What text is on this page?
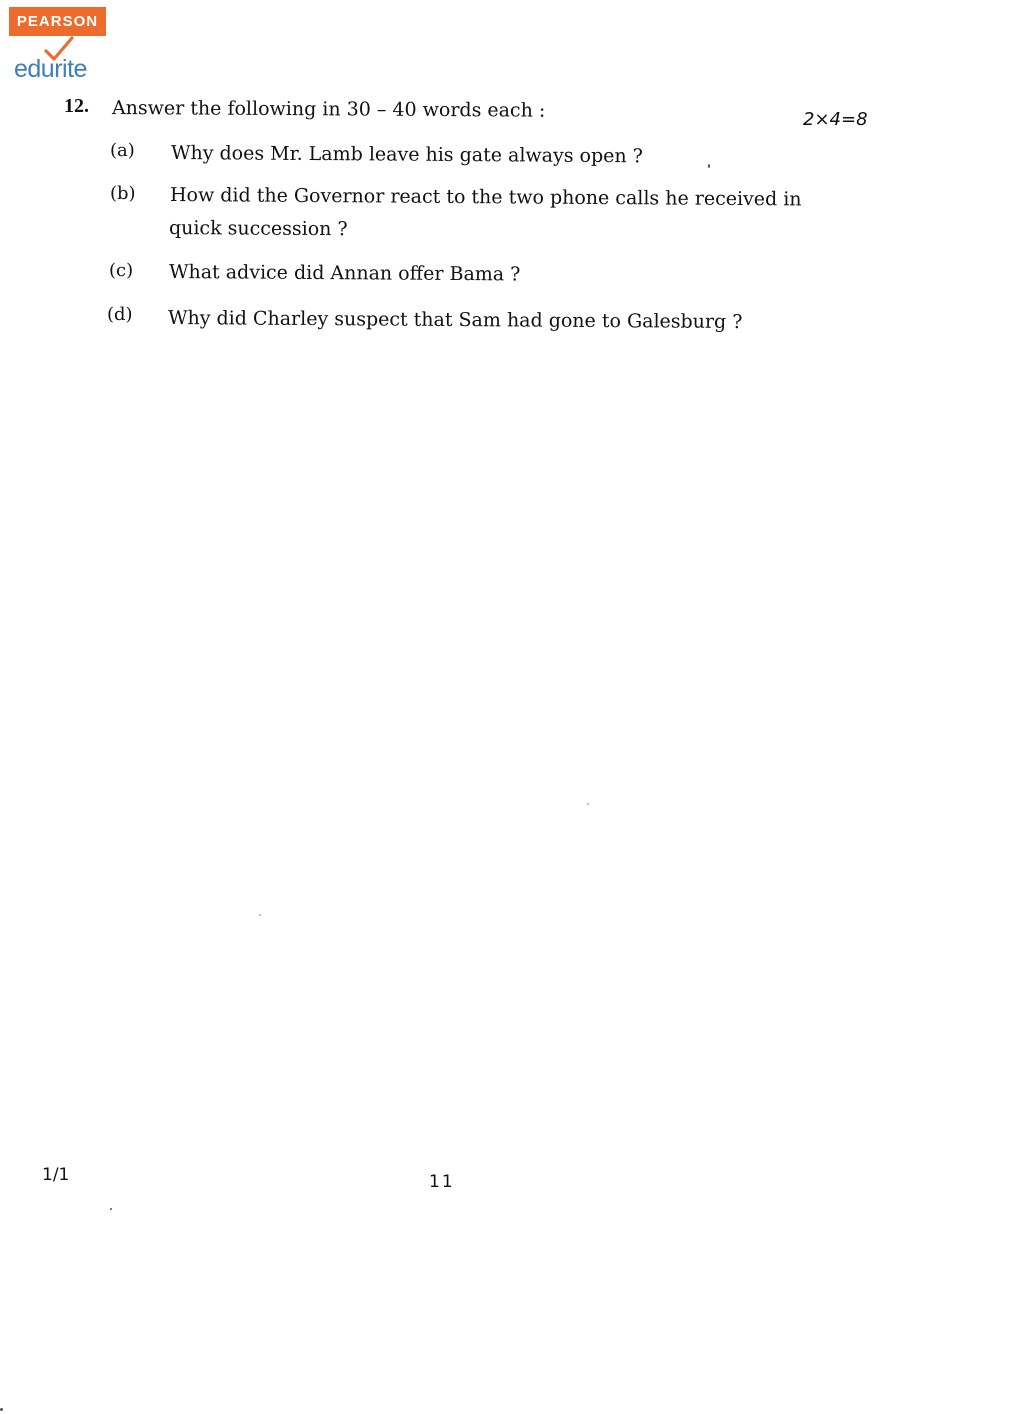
PEARSON
edurite
12. Answer the following in 30 – 40 words each :	2×4=8
(a) Why does Mr. Lamb leave his gate always open ?
(b) How did the Governor react to the two phone calls he received in
quick succession ?
(c) What advice did Annan offer Bama ?
(d) Why did Charley suspect that Sam had gone to Galesburg ?
1/1	11
